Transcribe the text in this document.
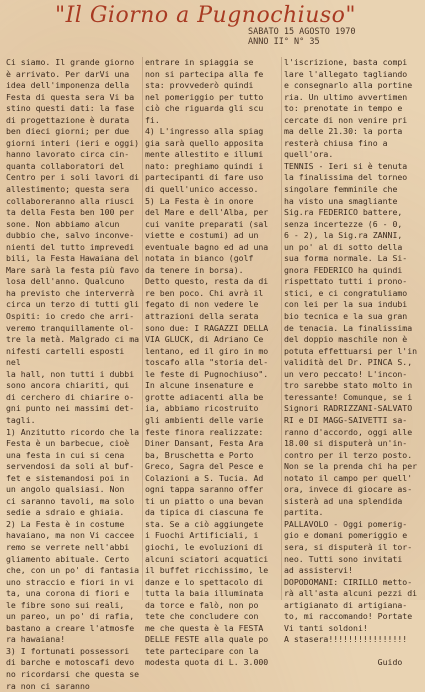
"Il Giorno a Pugnochiuso"
SABATO 15 AGOSTO 1970
ANNO II° N° 35
Ci siamo. Il grande giorno
è arrivato. Per darVi una
idea dell'imponenza della
Festa di questa sera Vi ba
stino questi dati: la fase
di progettazione è durata
ben dieci giorni; per due
giorni interi (ieri e oggi)
hanno lavorato circa cin-
quanta collaboratori del
Centro per i soli lavori di
allestimento; questa sera
collaboreranno alla riusci
ta della Festa ben 100 per
sone. Non abbiamo alcun
dubbio che, salvo inconve-
nienti del tutto imprevedi
bili, la Festa Hawaiana del
Mare sarà la festa più favo
losa dell'anno. Qualcuno
ha previsto che interverrà
circa un terzo di tutti gli
Ospiti: io credo che arri-
veremo tranquillamente ol-
tre la metà. Malgrado ci ma
nifesti cartelli esposti nel
la hall, non tutti i dubbi
sono ancora chiariti, qui
di cerchero di chiarire o-
gni punto nei massimi det-
tagli.
1) Anzitutto ricordo che la
Festa è un barbecue, cioè
una festa in cui si cena
servendosi da soli al buf-
fet e sistemandosi poi in
un angolo qualsiasi. Non
ci saranno tavoli, ma solo
sedie a sdraio e ghiaia.
2) La Festa è in costume
havaiano, ma non Vi caccee
remo se verrete nell'abbi
gliamento abituale. Certo
che, con un po' di fantasia
uno straccio e fiori in vi
ta, una corona di fiori e
le fibre sono sui reali,
un pareo, un po' di rafia,
bastano a creare l'atmosfe
ra hawaiana!
3) I fortunati possessori
di barche e motoscafi devo
no ricordarsi che questa se
ra non ci saranno
entrare in spiaggia se
non si partecipa alla fe
sta: provvederò quindi
nel pomeriggio per tutto
ciò che riguarda gli scu
fi.
4) L'ingresso alla spiag
gia sarà quello apposita
mente allestito e illumi
nato: preghiamo quindi i
partecipanti di fare uso
di quell'unico accesso.
5) La Festa è in onore
del Mare e dell'Alba, per
cui vanite preparati (sal
viette e costumi) ad un
eventuale bagno ed ad una
notata in bianco (golf
da tenere in borsa).
Detto questo, resta da di
re ben poco. Chi avrà il
fegato di non vedere le
attrazioni della serata
sono due: I RAGAZZI DELLA
VIA GLUCK, di Adriano Ce
lentano, ed il giro in mo
toscafo alla "storia del-
le feste di Pugnochiuso".
In alcune insenature e
grotte adiacenti alla be
ia, abbiamo ricostruito
gli ambienti delle varie
feste finora realizzate:
Diner Dansant, Festa Ara
ba, Bruschetta e Porto
Greco, Sagra del Pesce e
Colazioni a S. Tucia. Ad
ogni tappa saranno offer
ti un piatto o una bevan
da tipica di ciascuna fe
sta. Se a ciò aggiungete
i Fuochi Artificiali, i
giochi, le evoluzioni di
alcuni sciatori acquatici
il buffet ricchissimo, le
danze e lo spettacolo di
tutta la baia illuminata
da torce e falò, non po
tete che concludere con
me che questa è la FESTA
DELLE FESTE alla quale po
tete partecipare con la
modesta quota di L. 3.000
l'iscrizione, basta compi
lare l'allegato tagliando
e consegnarlo alla portine
ria. Un ultimo avvertimen
to: prenotate in tempo e
cercate di non venire pri
ma delle 21.30: la porta
resterà chiusa fino a
quell'ora.
TENNIS - Ieri si è tenuta
la finalissima del torneo
singolare femminile che
ha visto una smagliante
Sig.ra FEDERICO battere,
senza incertezze (6 - 0,
6 - 2), la Sig.ra ZANNI,
un po' al di sotto della
sua forma normale. La Si-
gnora FEDERICO ha quindi
rispettato tutti i prono-
stici, e ci congratuliamo
con lei per la sua indubi
bio tecnica e la sua gran
de tenacia. La finalissima
del doppio maschile non è
potuta effettuarsi per l'in
validità del Dr. PINCA S.,
un vero peccato! L'incon-
tro sarebbe stato molto in
teressante! Comunque, se i
Signori RADRIZZANI-SALVATO
RI e DI MAGG-SAIVETTI sa-
ranno d'accordo, oggi alle
18.00 si disputerà un'in-
contro per il terzo posto.
Non se la prenda chi ha per
notato il campo per quell'
ora, invece di giocare as-
sisterà ad una splendida
partita.
PALLAVOLO - Oggi pomerig-
gio e domani pomeriggio e
sera, si disputerà il tor-
neo. Tutti sono invitati
ad assistervi!
DOPODOMANI: CIRILLO metto-
rà all'asta alcuni pezzi di
artigianato di artigiana-
to, mi raccomando! Portate
Vi tanti soldoni!
A stasera!!!!!!!!!!!!!!!!

Guido
